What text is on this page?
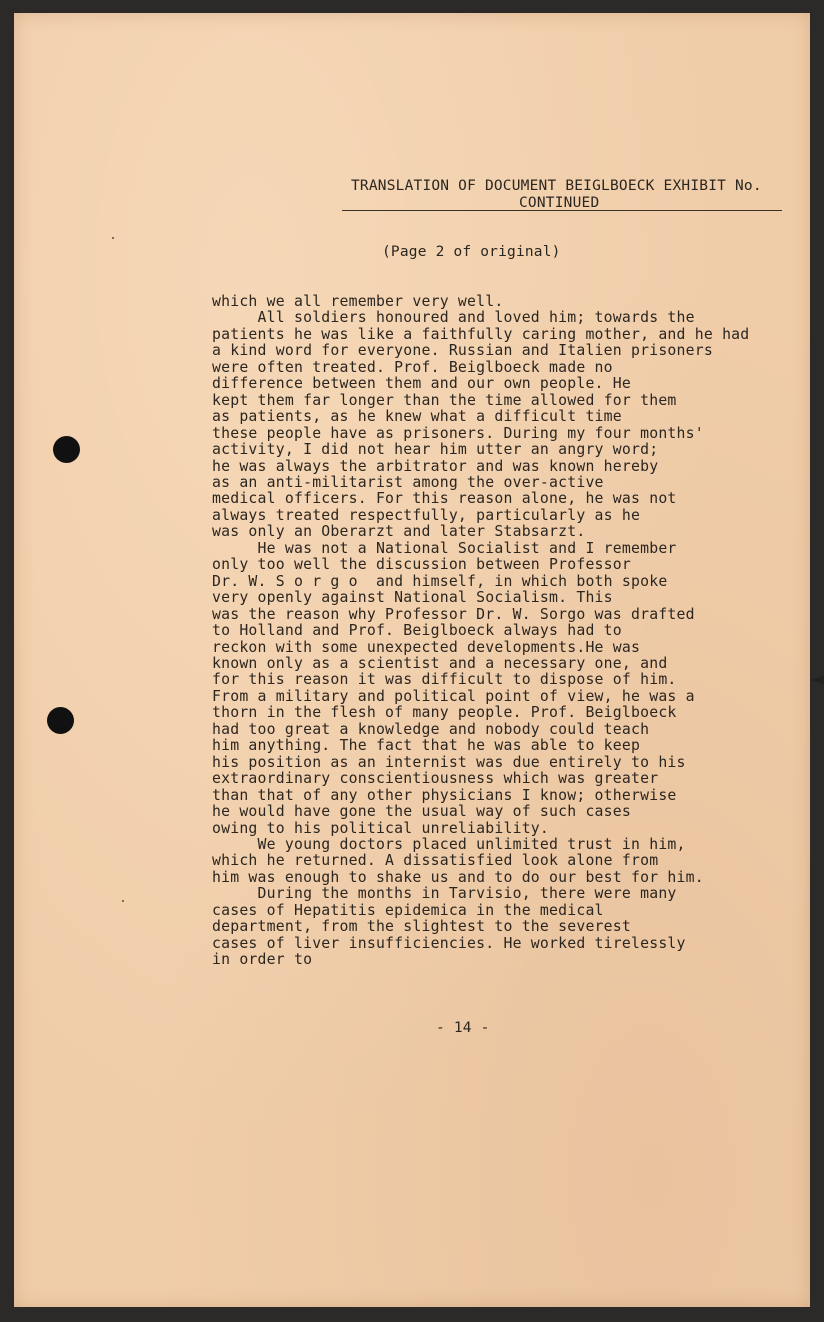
TRANSLATION OF DOCUMENT BEIGLBOECK EXHIBIT No.
CONTINUED
(Page 2 of original)
which we all remember very well.
All soldiers honoured and loved him; towards the
patients he was like a faithfully caring mother, and he had
a kind word for everyone. Russian and Italien prisoners
were often treated. Prof. Beiglboeck made no
difference between them and our own people. He
kept them far longer than the time allowed for them
as patients, as he knew what a difficult time
these people have as prisoners. During my four months'
activity, I did not hear him utter an angry word;
he was always the arbitrator and was known hereby
as an anti-militarist among the over-active
medical officers. For this reason alone, he was not
always treated respectfully, particularly as he
was only an Oberarzt and later Stabsarzt.
He was not a National Socialist and I remember
only too well the discussion between Professor
Dr. W. S o r g o  and himself, in which both spoke
very openly against National Socialism. This
was the reason why Professor Dr. W. Sorgo was drafted
to Holland and Prof. Beiglboeck always had to
reckon with some unexpected developments.He was
known only as a scientist and a necessary one, and
for this reason it was difficult to dispose of him.
From a military and political point of view, he was a
thorn in the flesh of many people. Prof. Beiglboeck
had too great a knowledge and nobody could teach
him anything. The fact that he was able to keep
his position as an internist was due entirely to his
extraordinary conscientiousness which was greater
than that of any other physicians I know; otherwise
he would have gone the usual way of such cases
owing to his political unreliability.
We young doctors placed unlimited trust in him,
which he returned. A dissatisfied look alone from
him was enough to shake us and to do our best for him.
During the months in Tarvisio, there were many
cases of Hepatitis epidemica in the medical
department, from the slightest to the severest
cases of liver insufficiencies. He worked tirelessly
in order to
- 14 -
